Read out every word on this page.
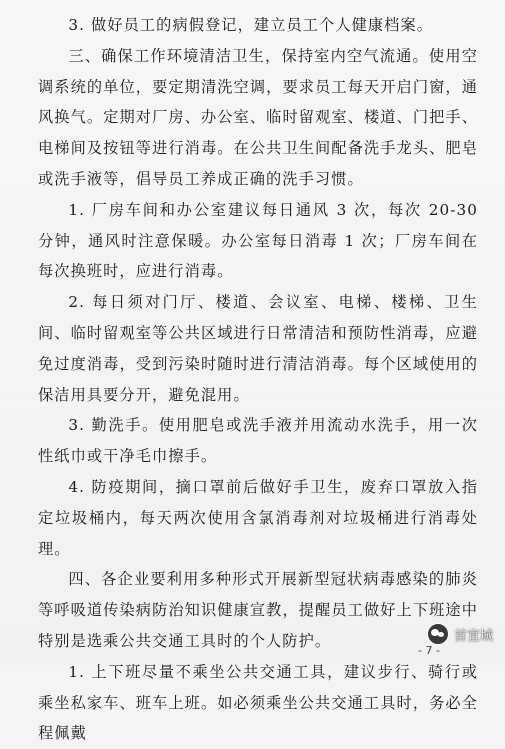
3. 做好员工的病假登记，建立员工个人健康档案。

三、确保工作环境清洁卫生，保持室内空气流通。使用空调系统的单位，要定期清洗空调，要求员工每天开启门窗，通风换气。定期对厂房、办公室、临时留观室、楼道、门把手、电梯间及按钮等进行消毒。在公共卫生间配备洗手龙头、肥皂或洗手液等，倡导员工养成正确的洗手习惯。

1. 厂房车间和办公室建议每日通风 3 次，每次 20-30 分钟，通风时注意保暖。办公室每日消毒 1 次；厂房车间在每次换班时，应进行消毒。

2. 每日须对门厅、楼道、会议室、电梯、楼梯、卫生间、临时留观室等公共区域进行日常清洁和预防性消毒，应避免过度消毒，受到污染时随时进行清洁消毒。每个区域使用的保洁用具要分开，避免混用。

3. 勤洗手。使用肥皂或洗手液并用流动水洗手，用一次性纸巾或干净毛巾擦手。

4. 防疫期间，摘口罩前后做好手卫生，废弃口罩放入指定垃圾桶内，每天两次使用含氯消毒剂对垃圾桶进行消毒处理。

四、各企业要利用多种形式开展新型冠状病毒感染的肺炎等呼吸道传染病防治知识健康宣教，提醒员工做好上下班途中特别是选乘公共交通工具时的个人防护。

1. 上下班尽量不乘坐公共交通工具，建议步行、骑行或乘坐私家车、班车上班。如必须乘坐公共交通工具时，务必全程佩戴

- 7 -
首宣城
